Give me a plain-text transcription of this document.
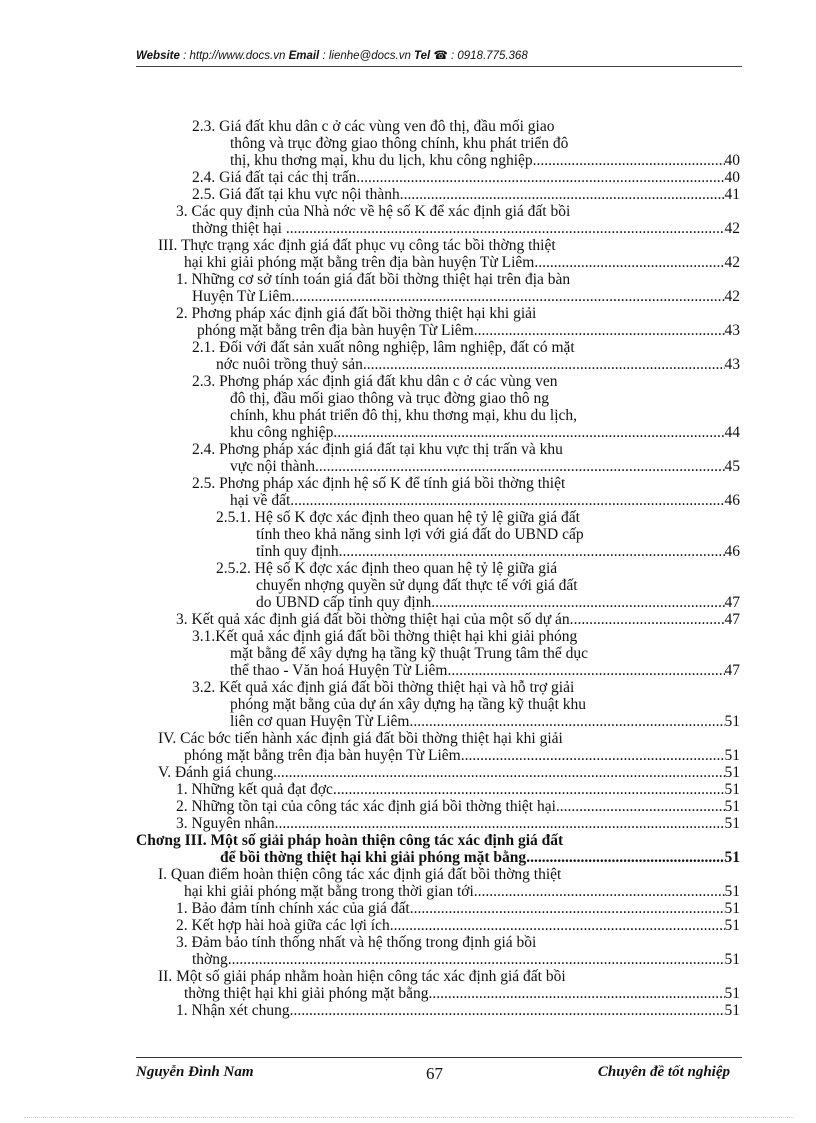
Website : http://www.docs.vn Email : lienhe@docs.vn Tel ☎ : 0918.775.368
2.3. Giá đất khu dân c ở các vùng ven đô thị, đầu mối giao
thông và trục đờng giao thông chính, khu phát triển đô
thị, khu thơng mại, khu du lịch, khu công nghiệp. .....	40
2.4. Giá đất tại các thị trấn. .....	40
2.5. Giá đất tại khu vực nội thành. .....	41
3. Các quy định của Nhà nớc về hệ số K để xác định giá đất bồi
thờng thiệt hại . .....	42
III. Thực trạng xác định giá đất phục vụ công tác bồi thờng thiệt
hại khi giải phóng mặt bằng trên địa bàn huyện Từ Liêm. .....	42
1. Những cơ sở tính toán giá đất bồi thờng thiệt hại trên địa bàn
Huyện Từ Liêm .....	42
2. Phơng pháp xác định giá đất bồi thờng thiệt hại khi giải
phóng mặt bằng trên địa bàn huyện Từ Liêm. .....	43
2.1. Đối với đất sản xuất nông nghiệp, lâm nghiệp, đất có mặt
nớc nuôi trồng thuỷ sản .....	43
2.3. Phơng pháp xác định giá đất khu dân c ở các vùng ven
đô thị, đầu mối giao thông và trục đờng giao thô ng
chính, khu phát triển đô thị, khu thơng mại, khu du lịch,
khu công nghiệp. .....	44
2.4. Phơng pháp xác định giá đất tại khu vực thị trấn và khu
vực nội thành. .....	45
2.5. Phơng pháp xác định hệ số K để tính giá bồi thờng thiệt
hại về đất. .....	46
2.5.1. Hệ số K đợc xác định theo quan hệ tỷ lệ giữa giá đất
tính theo khả năng sinh lợi với giá đất do UBND cấp
tỉnh quy định. .....	46
2.5.2. Hệ số K đợc xác định theo quan hệ tỷ lệ giữa giá
chuyển nhợng quyền sử dụng đất thực tế với giá đất
do UBND cấp tỉnh quy định. .....	47
3. Kết quả xác định giá đất bồi thờng thiệt hại của một số dự án. .....	47
3.1.Kết quả xác định giá đất bồi thờng thiệt hại khi giải phóng
mặt bằng để xây dựng hạ tầng kỹ thuật Trung tâm thể dục
thể thao - Văn hoá Huyện Từ Liêm. .....	47
3.2. Kết quả xác định giá đất bồi thờng thiệt hại và hỗ trợ giải
phóng mặt bằng của dự án xây dựng hạ tầng kỹ thuật khu
liên cơ quan Huyện Từ Liêm .....	51
IV. Các bớc tiến hành xác định giá đất bồi thờng thiệt hại khi giải
phóng mặt bằng trên địa bàn huyện Từ Liêm. .....	51
V. Đánh giá chung .....	51
1. Những kết quả đạt đợc. .....	51
2. Những tồn tại của công tác xác định giá bồi thờng thiệt hại. .....	51
3. Nguyên nhân. .....	51
Chơng III. Một số giải pháp hoàn thiện công tác xác định giá đất
để bồi thờng thiệt hại khi giải phóng mặt bằng .....	51
I. Quan điểm hoàn thiện công tác xác định giá đất bồi thờng thiệt
hại khi giải phóng mặt bằng trong thời gian tới. .....	51
1. Bảo đảm tính chính xác của giá đất .....	51
2. Kết hợp hài hoà giữa các lợi ích. .....	51
3. Đảm bảo tính thống nhất và hệ thống trong định giá bồi
thờng. .....	51
II. Một số giải pháp nhằm hoàn hiện công tác xác định giá đất bồi
thờng thiệt hại khi giải phóng mặt bằng .....	51
1. Nhận xét chung .....	51
Nguyễn Đình Nam	67	Chuyên đề tốt nghiệp
